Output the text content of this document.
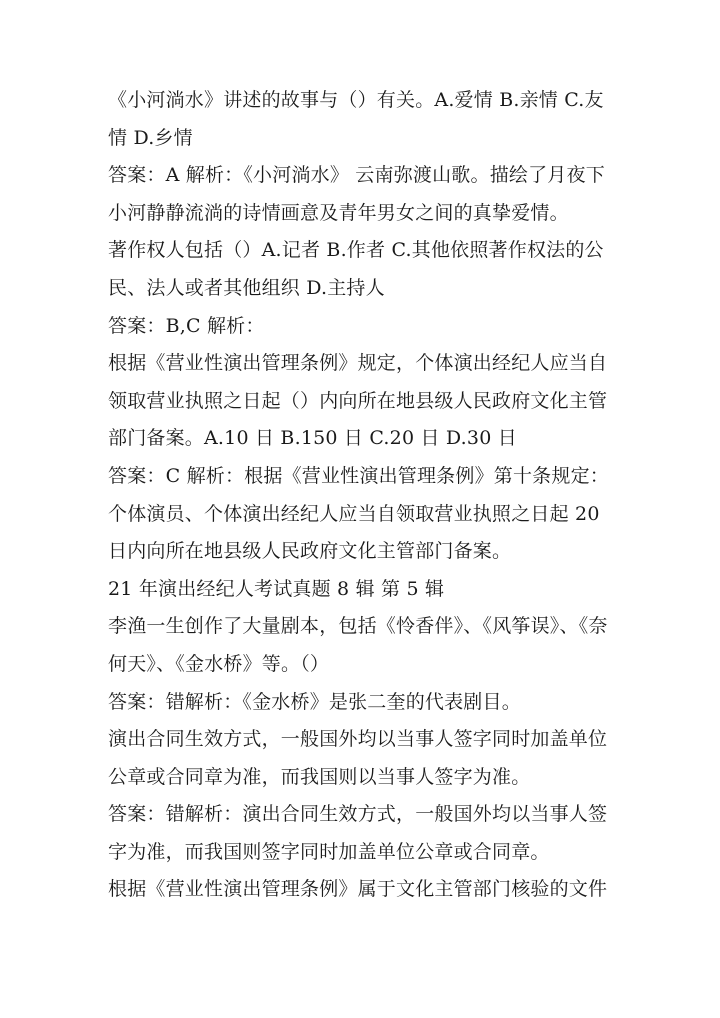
《小河淌水》讲述的故事与（）有关。A.爱情 B.亲情 C.友情 D.乡情

答案：A 解析：《小河淌水》 云南弥渡山歌。描绘了月夜下小河静静流淌的诗情画意及青年男女之间的真挚爱情。

著作权人包括（）A.记者 B.作者 C.其他依照著作权法的公民、法人或者其他组织 D.主持人

答案：B,C 解析：

根据《营业性演出管理条例》规定，个体演出经纪人应当自领取营业执照之日起（）内向所在地县级人民政府文化主管部门备案。A.10 日 B.150 日 C.20 日 D.30 日

答案：C 解析：根据《营业性演出管理条例》第十条规定：个体演员、个体演出经纪人应当自领取营业执照之日起 20 日内向所在地县级人民政府文化主管部门备案。

21 年演出经纪人考试真题 8 辑 第 5 辑

李渔一生创作了大量剧本，包括《怜香伴》、《风筝误》、《奈何天》、《金水桥》等。（）

答案：错解析：《金水桥》是张二奎的代表剧目。

演出合同生效方式，一般国外均以当事人签字同时加盖单位公章或合同章为准，而我国则以当事人签字为准。

答案：错解析：演出合同生效方式，一般国外均以当事人签字为准，而我国则签字同时加盖单位公章或合同章。

根据《营业性演出管理条例》属于文化主管部门核验的文件
